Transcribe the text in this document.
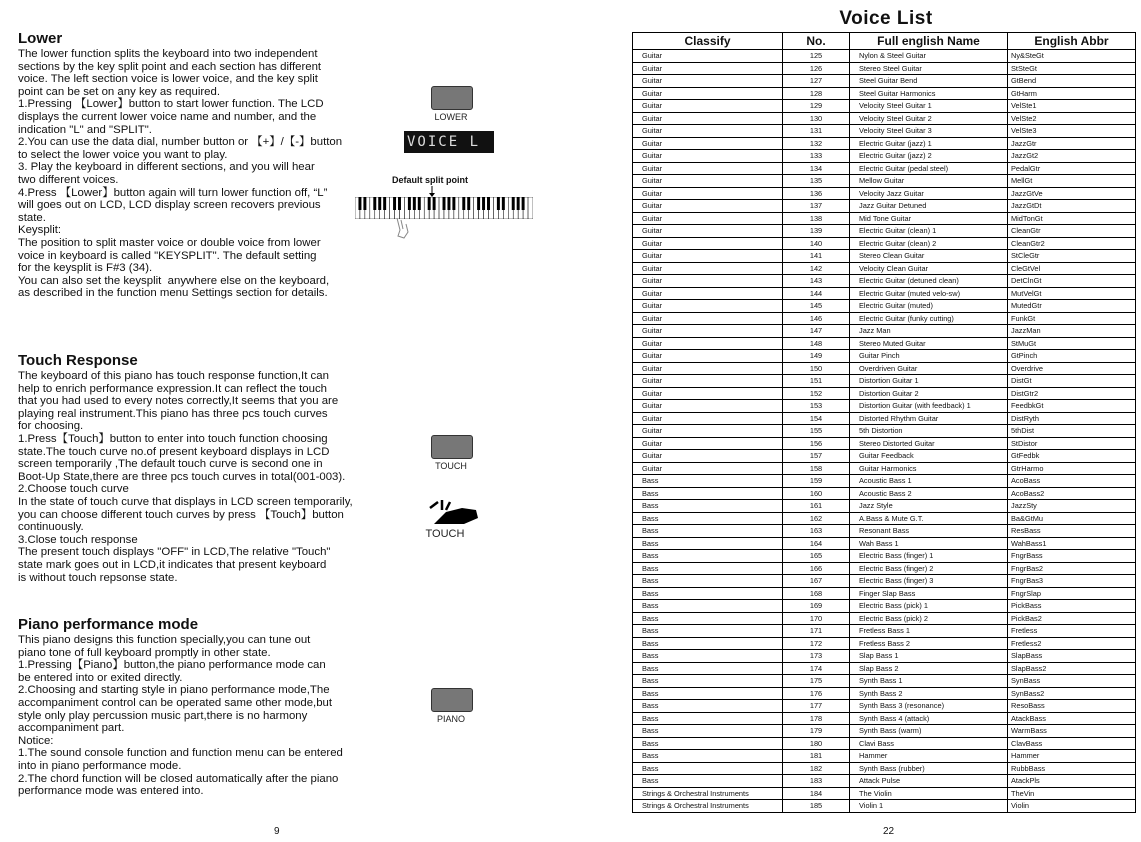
Lower
The lower function splits the keyboard into two independent
sections by the key split point and each section has different
voice. The left section voice is lower voice, and the key split
point can be set on any key as required.
1.Pressing 【Lower】button to start lower function. The LCD
displays the current lower voice name and number, and the
indication "L" and "SPLIT".
2.You can use the data dial, number button or 【+】/【-】button
to select the lower voice you want to play.
3. Play the keyboard in different sections, and you will hear
two different voices.
4.Press 【Lower】button again will turn lower function off, “L”
will goes out on LCD, LCD display screen recovers previous
state.
Keysplit:
The position to split master voice or double voice from lower
voice in keyboard is called "KEYSPLIT". The default setting
for the keysplit is F#3 (34).
You can also set the keysplit  anywhere else on the keyboard,
as described in the function menu Settings section for details.
LOWER
VOICE L
Default split point
Touch Response
The keyboard of this piano has touch response function,It can
help to enrich performance expression.It can reflect the touch
that you had used to every notes correctly,It seems that you are
playing real instrument.This piano has three pcs touch curves
for choosing.
1.Press【Touch】button to enter into touch function choosing
state.The touch curve no.of present keyboard displays in LCD
screen temporarily ,The default touch curve is second one in
Boot-Up State,there are three pcs touch curves in total(001-003).
2.Choose touch curve
In the state of touch curve that displays in LCD screen temporarily,
you can choose different touch curves by press 【Touch】button
continuously.
3.Close touch response
The present touch displays "OFF" in LCD,The relative "Touch"
state mark goes out in LCD,it indicates that present keyboard
is without touch repsonse state.
TOUCH
TOUCH
Piano performance mode
This piano designs this function specially,you can tune out
piano tone of full keyboard promptly in other state.
1.Pressing【Piano】button,the piano performance mode can
be entered into or exited directly.
2.Choosing and starting style in piano performance mode,The
accompaniment control can be operated same other mode,but
style only play percussion music part,there is no harmony
accompaniment part.
Notice:
1.The sound console function and function menu can be entered
into in piano performance mode.
2.The chord function will be closed automatically after the piano
performance mode was entered into.
PIANO
9
Voice List
Classify	No.	Full english Name	English Abbr
Guitar	125	Nylon & Steel Guitar	Ny&SteGt
Guitar	126	Stereo Steel Guitar	StSteGt
Guitar	127	Steel Guitar Bend	GtBend
Guitar	128	Steel Guitar Harmonics	GtHarm
Guitar	129	Velocity Steel Guitar 1	VelSte1
Guitar	130	Velocity Steel Guitar 2	VelSte2
Guitar	131	Velocity Steel Guitar 3	VelSte3
Guitar	132	Electric Guitar (jazz) 1	JazzGtr
Guitar	133	Electric Guitar (jazz) 2	JazzGt2
Guitar	134	Electric Guitar (pedal steel)	PedalGtr
Guitar	135	Mellow Guitar	MellGt
Guitar	136	Velocity Jazz Guitar	JazzGtVe
Guitar	137	Jazz Guitar Detuned	JazzGtDt
Guitar	138	Mid Tone Guitar	MidTonGt
Guitar	139	Electric Guitar (clean) 1	CleanGtr
Guitar	140	Electric Guitar (clean) 2	CleanGtr2
Guitar	141	Stereo Clean Guitar	StCleGtr
Guitar	142	Velocity Clean Guitar	CleGtVel
Guitar	143	Electric Guitar (detuned clean)	DetClnGt
Guitar	144	Electric Guitar (muted velo-sw)	MutVelGt
Guitar	145	Electric Guitar (muted)	MutedGtr
Guitar	146	Electric Guitar (funky cutting)	FunkGt
Guitar	147	Jazz Man	JazzMan
Guitar	148	Stereo Muted Guitar	StMuGt
Guitar	149	Guitar Pinch	GtPinch
Guitar	150	Overdriven Guitar	Overdrive
Guitar	151	Distortion Guitar 1	DistGt
Guitar	152	Distortion Guitar 2	DistGtr2
Guitar	153	Distortion Guitar (with feedback) 1	FeedbkGt
Guitar	154	Distorted Rhythm Guitar	DistRyth
Guitar	155	5th Distortion	5thDist
Guitar	156	Stereo Distorted Guitar	StDistor
Guitar	157	Guitar Feedback	GtFedbk
Guitar	158	Guitar Harmonics	GtrHarmo
Bass	159	Acoustic Bass 1	AcoBass
Bass	160	Acoustic Bass 2	AcoBass2
Bass	161	Jazz Style	JazzSty
Bass	162	A.Bass & Mute G.T.	Ba&GtMu
Bass	163	Resonant Bass	ResBass
Bass	164	Wah Bass 1	WahBass1
Bass	165	Electric Bass (finger) 1	FngrBass
Bass	166	Electric Bass (finger) 2	FngrBas2
Bass	167	Electric Bass (finger) 3	FngrBas3
Bass	168	Finger Slap Bass	FngrSlap
Bass	169	Electric Bass (pick) 1	PickBass
Bass	170	Electric Bass (pick) 2	PickBas2
Bass	171	Fretless Bass 1	Fretless
Bass	172	Fretless Bass 2	Fretless2
Bass	173	Slap Bass 1	SlapBass
Bass	174	Slap Bass 2	SlapBass2
Bass	175	Synth Bass 1	SynBass
Bass	176	Synth Bass 2	SynBass2
Bass	177	Synth Bass 3 (resonance)	ResoBass
Bass	178	Synth Bass 4 (attack)	AtackBass
Bass	179	Synth Bass (warm)	WarmBass
Bass	180	Clavi Bass	ClavBass
Bass	181	Hammer	Hammer
Bass	182	Synth Bass (rubber)	RubbBass
Bass	183	Attack Pulse	AtackPls
Strings & Orchestral Instruments	184	The Violin	TheVin
Strings & Orchestral Instruments	185	Violin 1	Violin
22
